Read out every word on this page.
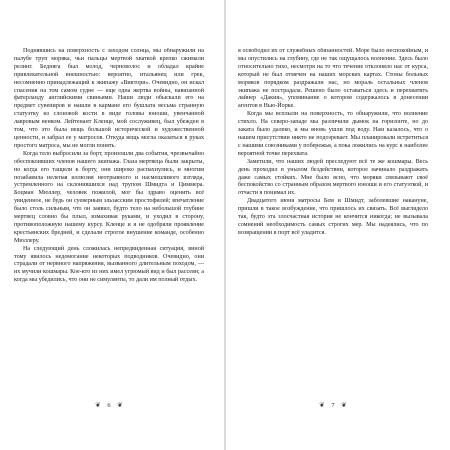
Поднявшись на поверхность с заходом солнца, мы обнаружили на палубе труп моряка, чьи пальцы мертвой хваткой крепко сжимали релинг. Бедняга был молод, черноволос и обладал крайне привлекательной внешностью: вероятно, итальянец или грек, несомненно принадлежащий к экипажу «Виктори». Очевидно, он искал спасения на том самом судне — еще одна жертва войны, навязанной фатерланду английскими свиньями. Наши люди обыскали его на предмет сувениров и нашли в кармане его бушлата весьма странную статуэтку из слоновой кости в виде головы юноши, увенчанной лавровым венком. Лейтенант Кленце, мой сослуживец, был убежден в том, что это была вещь большой исторической и художественной ценности, и забрал ее у матросов. Откуда вещь могла оказаться в руках простого матроса, мы не могли понять.

Когда тело выбросили за борт, произошли два события, чрезвычайно обеспокоивших членов нашего экипажа. Глаза мертвеца были закрыты, но когда его тащили к борту, они широко распахнулись, и многим позабавила нелепая иллюзия неотрывного и насмешливого взгляда, устремленного на склонившихся над трупом Шмидта и Циммера. Боцман Мюллер, человек пожилой, мог бы здраво оценить всё увиденное, не будь он суеверным эльзасским простофилей; впечатление было столь сильным, что он заявил, будто тело на небольшой глубине мертвец словно бы плыл, взмахивая руками, и уходил в сторону, противоположную нашему курсу. Кленце и я не одобряли проявление крестьянских бредней, и сделали строгое внушение команде, особенно Мюллеру.

На следующий день сложилась непредвиденная ситуация, виной тому явилось недомогание некоторых подводников. Очевидно, они страдали от нервного напряжения, вызванного длительным походом, — их мучили кошмары. Кое-кто из них имел угрюмый вид и был рассеян; а когда мы убедились, что они не симулянты, то дали им полный отдых.

я освободил их от служебных обязанностей. Море было неспокойным, и мы опустились на глубину, где не так ощущалось волнение. Здесь было относительно тихо, несмотря на то что течение отклоняло нас от курса, который не был отмечен на наших морских картах. Стоны больных моряков порядком раздражали нас, но мораль остальных членов экипажа не пострадала. Решено было оставаться здесь и перехватить лайнер «Дакия», упоминание о котором содержалось в донесении агентов в Нью-Йорке.

Когда мы всплыли на поверхность, то обнаружили, что волнение стихло. На северо-западе мы различили дымок на горизонте, но до заката было далеко, и мы вновь ушли под воду. Нам казалось, что о нашем присутствии никто не подозревает. Мы планировали встретиться с нашими союзниками у побережья, а пока ложились на курс к наиболее вероятной точке перехвата.

Заметили, что наших людей преследуют всё те же кошмары. Весь день проходил в унылом бездействии, которое начинало раздражать даже самых стойких. Мне было ясно, что моряки связывают своё беспокойство со странным образом мертвого юноши и его статуэткой, и отчасти я понимал их.

Двадцатого июня матросы Бем и Шмидт, заболевшие накануне, пришли в такое возбуждение, что пришлось их связать. Всё выглядело так, будто эта злосчастная история не кончится никогда; не вызывала сомнений необходимость самых строгих мер. Мы надеялись, что по возвращении в порт всё уладится.

❦ 6 ❦	❦ 7 ❦
